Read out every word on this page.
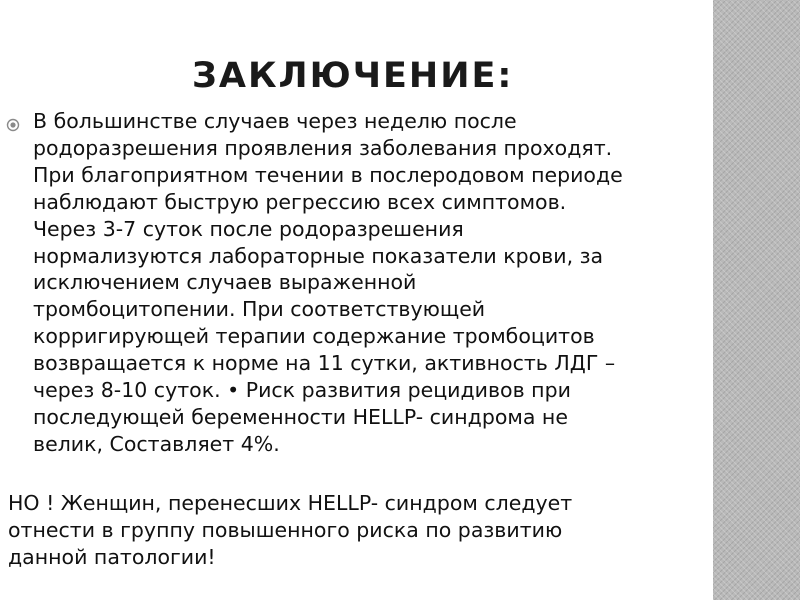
ЗАКЛЮЧЕНИЕ:

В большинстве случаев через неделю после
родоразрешения проявления заболевания проходят.
При благоприятном течении в послеродовом периоде
наблюдают быструю регрессию всех симптомов.
Через 3-7 суток после родоразрешения
нормализуются лабораторные показатели крови, за
исключением случаев выраженной
тромбоцитопении. При соответствующей
корригирующей терапии содержание тромбоцитов
возвращается к норме на 11 сутки, активность ЛДГ –
через 8-10 суток. • Риск развития рецидивов при
последующей беременности HELLP- синдрома не
велик, Составляет 4%.

НО ! Женщин, перенесших HELLP- синдром следует
отнести в группу повышенного риска по развитию
данной патологии!
